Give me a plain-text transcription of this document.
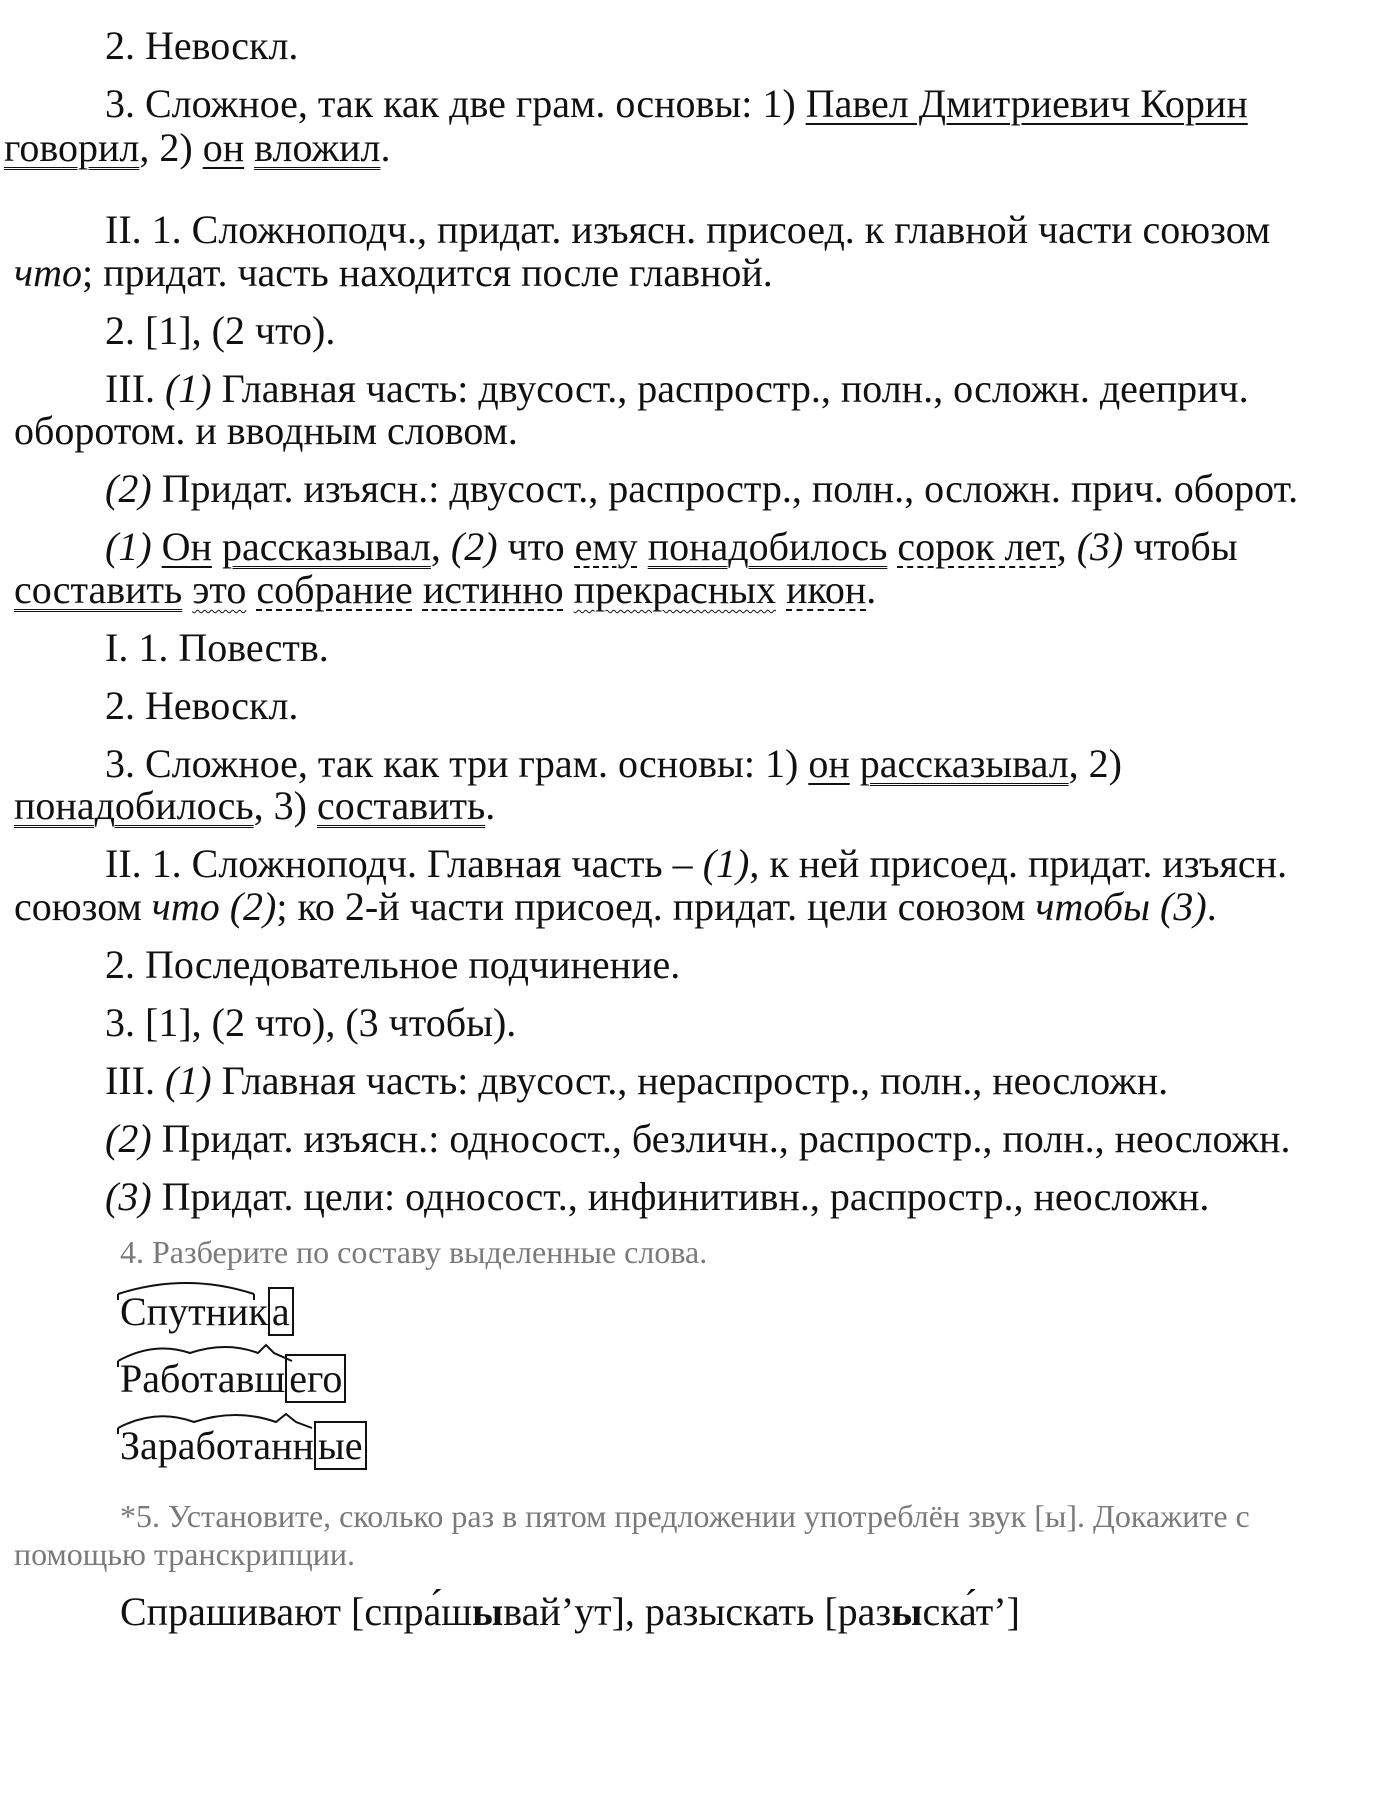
2. Невоскл.
3. Сложное, так как две грам. основы: 1) Павел Дмитриевич Корин
говорил, 2) он вложил.
II. 1. Сложноподч., придат. изъясн. присоед. к главной части союзом
что; придат. часть находится после главной.
2. [1], (2 что).
III. (1) Главная часть: двусост., распростр., полн., осложн. дееприч.
оборотом. и вводным словом.
(2) Придат. изъясн.: двусост., распростр., полн., осложн. прич. оборот.
(1) Он рассказывал, (2) что ему понадобилось сорок лет, (3) чтобы
составить это собрание истинно прекрасных икон.
I. 1. Повеств.
2. Невоскл.
3. Сложное, так как три грам. основы: 1) он рассказывал, 2)
понадобилось, 3) составить.
II. 1. Сложноподч. Главная часть – (1), к ней присоед. придат. изъясн.
союзом что (2); ко 2-й части присоед. придат. цели союзом чтобы (3).
2. Последовательное подчинение.
3. [1], (2 что), (3 чтобы).
III. (1) Главная часть: двусост., нераспростр., полн., неосложн.
(2) Придат. изъясн.: односост., безличн., распростр., полн., неосложн.
(3) Придат. цели: односост., инфинитивн., распростр., неосложн.
4. Разберите по составу выделенные слова.
Спутник а
Работавш его
Заработанн ые
*5. Установите, сколько раз в пятом предложении употреблён звук [ы]. Докажите с
помощью транскрипции.
Спрашивают [спра́шывай’ут], разыскать [разыска́т’]
